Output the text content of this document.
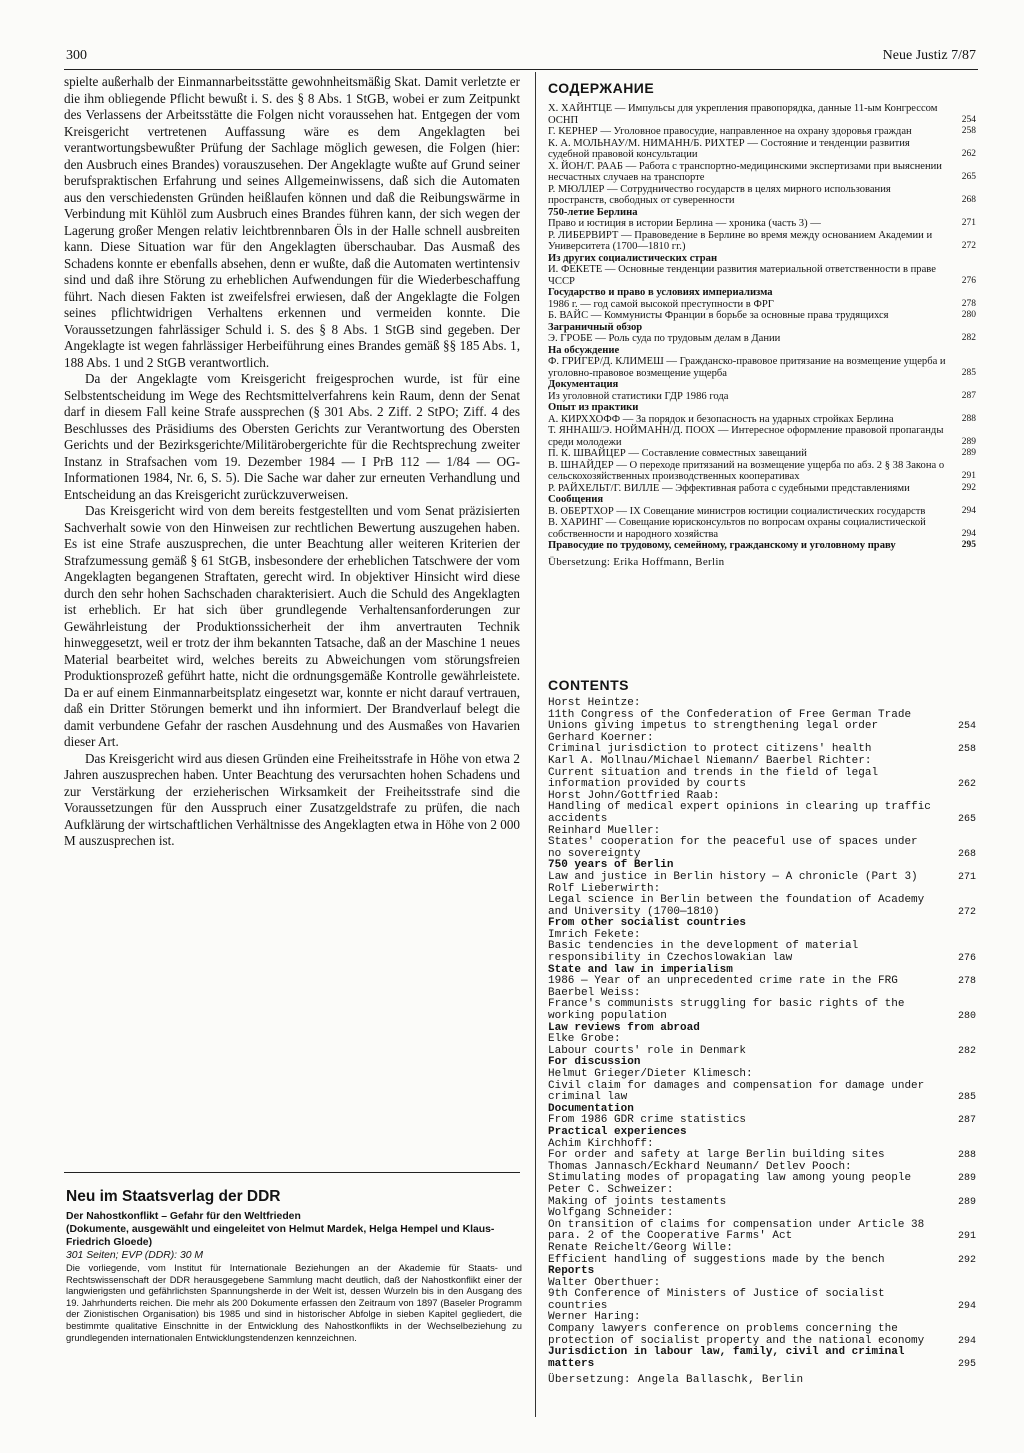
300	Neue Justiz 7/87

spielte außerhalb der Einmannarbeitsstätte gewohnheitsmäßig Skat. Damit verletzte er die ihm obliegende Pflicht bewußt i. S. des § 8 Abs. 1 StGB, wobei er zum Zeitpunkt des Verlassens der Arbeitsstätte die Folgen nicht voraussehen hat. Entgegen der vom Kreisgericht vertretenen Auffassung wäre es dem Angeklagten bei verantwortungsbewußter Prüfung der Sachlage möglich gewesen, die Folgen (hier: den Ausbruch eines Brandes) vorauszusehen. Der Angeklagte wußte auf Grund seiner berufspraktischen Erfahrung und seines Allgemeinwissens, daß sich die Automaten aus den verschiedensten Gründen heißlaufen können und daß die Reibungswärme in Verbindung mit Kühlöl zum Ausbruch eines Brandes führen kann, der sich wegen der Lagerung großer Mengen relativ leichtbrennbaren Öls in der Halle schnell ausbreiten kann. Diese Situation war für den Angeklagten überschaubar. Das Ausmaß des Schadens konnte er ebenfalls absehen, denn er wußte, daß die Automaten wertintensiv sind und daß ihre Störung zu erheblichen Aufwendungen für die Wiederbeschaffung führt. Nach diesen Fakten ist zweifelsfrei erwiesen, daß der Angeklagte die Folgen seines pflichtwidrigen Verhaltens erkennen und vermeiden konnte. Die Voraussetzungen fahrlässiger Schuld i. S. des § 8 Abs. 1 StGB sind gegeben. Der Angeklagte ist wegen fahrlässiger Herbeiführung eines Brandes gemäß §§ 185 Abs. 1, 188 Abs. 1 und 2 StGB verantwortlich.

Da der Angeklagte vom Kreisgericht freigesprochen wurde, ist für eine Selbstentscheidung im Wege des Rechtsmittelverfahrens kein Raum, denn der Senat darf in diesem Fall keine Strafe aussprechen (§ 301 Abs. 2 Ziff. 2 StPO; Ziff. 4 des Beschlusses des Präsidiums des Obersten Gerichts zur Verantwortung des Obersten Gerichts und der Bezirksgerichte/Militärobergerichte für die Rechtsprechung zweiter Instanz in Strafsachen vom 19. Dezember 1984 — I PrB 112 — 1/84 — OG-Informationen 1984, Nr. 6, S. 5). Die Sache war daher zur erneuten Verhandlung und Entscheidung an das Kreisgericht zurückzuverweisen.

Das Kreisgericht wird von dem bereits festgestellten und vom Senat präzisierten Sachverhalt sowie von den Hinweisen zur rechtlichen Bewertung auszugehen haben. Es ist eine Strafe auszusprechen, die unter Beachtung aller weiteren Kriterien der Strafzumessung gemäß § 61 StGB, insbesondere der erheblichen Tatschwere der vom Angeklagten begangenen Straftaten, gerecht wird. In objektiver Hinsicht wird diese durch den sehr hohen Sachschaden charakterisiert. Auch die Schuld des Angeklagten ist erheblich. Er hat sich über grundlegende Verhaltensanforderungen zur Gewährleistung der Produktionssicherheit der ihm anvertrauten Technik hinweggesetzt, weil er trotz der ihm bekannten Tatsache, daß an der Maschine 1 neues Material bearbeitet wird, welches bereits zu Abweichungen vom störungsfreien Produktionsprozeß geführt hatte, nicht die ordnungsgemäße Kontrolle gewährleistete. Da er auf einem Einmannarbeitsplatz eingesetzt war, konnte er nicht darauf vertrauen, daß ein Dritter Störungen bemerkt und ihn informiert. Der Brandverlauf belegt die damit verbundene Gefahr der raschen Ausdehnung und des Ausmaßes von Havarien dieser Art.

Das Kreisgericht wird aus diesen Gründen eine Freiheitsstrafe in Höhe von etwa 2 Jahren auszusprechen haben. Unter Beachtung des verursachten hohen Schadens und zur Verstärkung der erzieherischen Wirksamkeit der Freiheitsstrafe sind die Voraussetzungen für den Ausspruch einer Zusatzgeldstrafe zu prüfen, die nach Aufklärung der wirtschaftlichen Verhältnisse des Angeklagten etwa in Höhe von 2 000 M auszusprechen ist.

Neu im Staatsverlag der DDR
Der Nahostkonflikt – Gefahr für den Weltfrieden
(Dokumente, ausgewählt und eingeleitet von Helmut Mardek, Helga Hempel und Klaus-Friedrich Gloede)
301 Seiten; EVP (DDR): 30 M
Die vorliegende, vom Institut für Internationale Beziehungen an der Akademie für Staats- und Rechtswissenschaft der DDR herausgegebene Sammlung macht deutlich, daß der Nahostkonflikt einer der langwierigsten und gefährlichsten Spannungsherde in der Welt ist, dessen Wurzeln bis in den Ausgang des 19. Jahrhunderts reichen. Die mehr als 200 Dokumente erfassen den Zeitraum von 1897 (Baseler Programm der Zionistischen Organisation) bis 1985 und sind in historischer Abfolge in sieben Kapitel gegliedert, die bestimmte qualitative Einschnitte in der Entwicklung des Nahostkonflikts in der Wechselbeziehung zu grundlegenden internationalen Entwicklungstendenzen kennzeichnen.
СОДЕРЖАНИЕ
Х. ХАЙНТЦЕ — Импульсы для укрепления правопорядка, данные 11-ым Конгрессом ОСНП	254
Г. КЕРНЕР — Уголовное правосудие, направленное на охрану здоровья граждан	258
К. А. МОЛЬНАУ/М. НИМАНН/Б. РИХТЕР — Состояние и тенденции развития судебной правовой консультации	262
Х. ЙОН/Г. РААБ — Работа с транспортно-медицинскими экспертизами при выяснении несчастных случаев на транспорте	265
Р. МЮЛЛЕР — Сотрудничество государств в целях мирного использования пространств, свободных от суверенности	268
750-летие Берлина
Право и юстиция в истории Берлина — хроника (часть 3) —	271
Р. ЛИБЕРВИРТ — Правоведение в Берлине во время между основанием Академии и Университета (1700—1810 гг.)	272
Из других социалистических стран
И. ФЕКЕТЕ — Основные тенденции развития материальной ответственности в праве ЧССР	276
Государство и право в условиях империализма
1986 г. — год самой высокой преступности в ФРГ	278
Б. ВАЙС — Коммунисты Франции в борьбе за основные права трудящихся	280
Заграничный обзор
Э. ГРОБЕ — Роль суда по трудовым делам в Дании	282
На обсуждение
Ф. ГРИГЕР/Д. КЛИМЕШ — Гражданско-правовое притязание на возмещение ущерба и уголовно-правовое возмещение ущерба	285
Документация
Из уголовной статистики ГДР 1986 года	287
Опыт из практики
А. КИРХХОФФ — За порядок и безопасность на ударных стройках Берлина	288
Т. ЯННАШ/Э. НОЙМАНН/Д. ПООХ — Интересное оформление правовой пропаганды среди молодежи	289
П. К. ШВАЙЦЕР — Составление совместных завещаний	289
В. ШНАЙДЕР — О переходе притязаний на возмещение ущерба по абз. 2 § 38 Закона о сельскохозяйственных производственных кооперативах	291
Р. РАЙХЕЛЬТ/Г. ВИЛЛЕ — Эффективная работа с судебными представлениями	292
Сообщения
В. ОБЕРТХОР — IX Совещание министров юстиции социалистических государств	294
В. ХАРИНГ — Совещание юрисконсультов по вопросам охраны социалистической собственности и народного хозяйства	294
Правосудие по трудовому, семейному, гражданскому и уголовному праву	295
Übersetzung: Erika Hoffmann, Berlin
CONTENTS
Horst Heintze:
11th Congress of the Confederation of Free German Trade Unions giving impetus to strengthening legal order	254
Gerhard Koerner:
Criminal jurisdiction to protect citizens' health	258
Karl A. Mollnau/Michael Niemann/ Baerbel Richter:
Current situation and trends in the field of legal information provided by courts	262
Horst John/Gottfried Raab:
Handling of medical expert opinions in clearing up traffic accidents	265
Reinhard Mueller:
States' cooperation for the peaceful use of spaces under no sovereignty	268
750 years of Berlin
Law and justice in Berlin history — A chronicle (Part 3)	271
Rolf Lieberwirth:
Legal science in Berlin between the foundation of Academy and University (1700—1810)	272
From other socialist countries
Imrich Fekete:
Basic tendencies in the development of material responsibility in Czechoslowakian law	276
State and law in imperialism
1986 — Year of an unprecedented crime rate in the FRG	278
Baerbel Weiss:
France's communists struggling for basic rights of the working population	280
Law reviews from abroad
Elke Grobe:
Labour courts' role in Denmark	282
For discussion
Helmut Grieger/Dieter Klimesch:
Civil claim for damages and compensation for damage under criminal law	285
Documentation
From 1986 GDR crime statistics	287
Practical experiences
Achim Kirchhoff:
For order and safety at large Berlin building sites	288
Thomas Jannasch/Eckhard Neumann/ Detlev Pooch:
Stimulating modes of propagating law among young people	289
Peter C. Schweizer:
Making of joints testaments	289
Wolfgang Schneider:
On transition of claims for compensation under Article 38 para. 2 of the Cooperative Farms' Act	291
Renate Reichelt/Georg Wille:
Efficient handling of suggestions made by the bench	292
Reports
Walter Oberthuer:
9th Conference of Ministers of Justice of socialist countries	294
Werner Haring:
Company lawyers conference on problems concerning the protection of socialist property and the national economy	294
Jurisdiction in labour law, family, civil and criminal matters	295
Übersetzung: Angela Ballaschk, Berlin
